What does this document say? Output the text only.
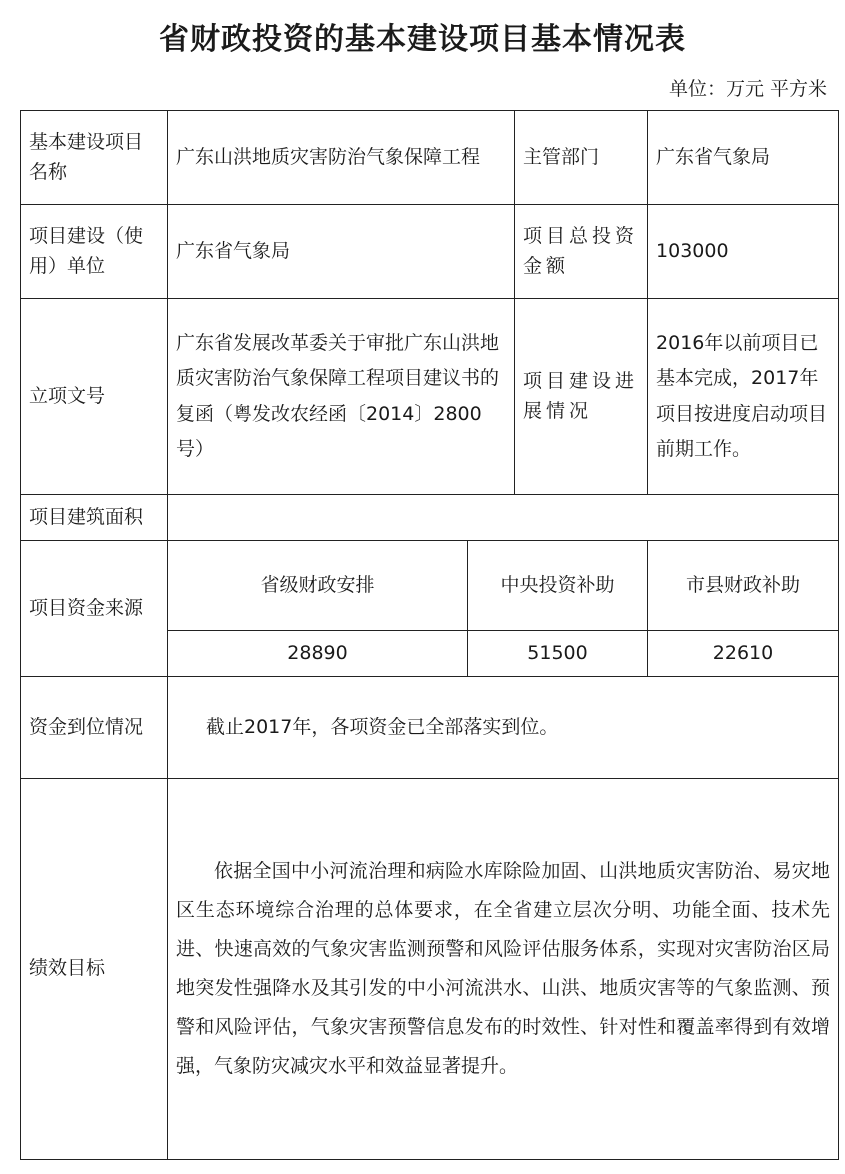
省财政投资的基本建设项目基本情况表
单位：万元 平方米
基本建设项目名称	广东山洪地质灾害防治气象保障工程		主管部门	广东省气象局
项目建设（使用）单位	广东省气象局		项目总投资金额	103000
立项文号	广东省发展改革委关于审批广东山洪地质灾害防治气象保障工程项目建议书的复函（粤发改农经函〔2014〕2800号）		项目建设进展情况	2016年以前项目已基本完成，2017年项目按进度启动项目前期工作。
项目建筑面积				
项目资金来源	省级财政安排	中央投资补助		市县财政补助
	28890	51500		22610
资金到位情况	截止2017年，各项资金已全部落实到位。			
绩效目标	依据全国中小河流治理和病险水库除险加固、山洪地质灾害防治、易灾地区生态环境综合治理的总体要求，在全省建立层次分明、功能全面、技术先进、快速高效的气象灾害监测预警和风险评估服务体系，实现对灾害防治区局地突发性强降水及其引发的中小河流洪水、山洪、地质灾害等的气象监测、预警和风险评估，气象灾害预警信息发布的时效性、针对性和覆盖率得到有效增强，气象防灾减灾水平和效益显著提升。			
